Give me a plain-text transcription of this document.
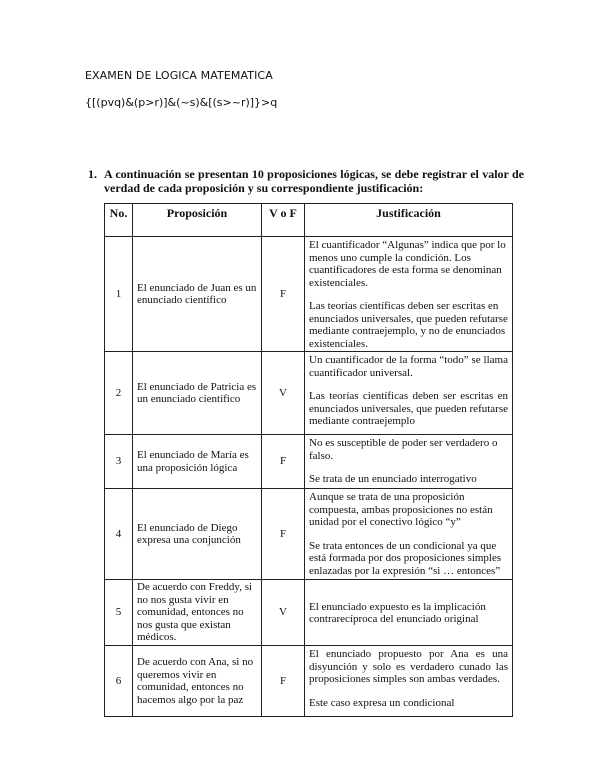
EXAMEN DE LOGICA MATEMATICA
{[(pvq)&(p>r)]&(~s)&[(s>~r)]}>q
1. A continuación se presentan 10 proposiciones lógicas, se debe registrar el valor de verdad de cada proposición y su correspondiente justificación:
No.	Proposición	V o F	Justificación
1	El enunciado de Juan es un enunciado científico	F	El cuantificador “Algunas” indica que por lo menos uno cumple la condición. Los cuantificadores de esta forma se denominan existenciales.

Las teorías científicas deben ser escritas en enunciados universales, que pueden refutarse mediante contraejemplo, y no de enunciados existenciales.

2	El enunciado de Patricia es un enunciado científico	V	Un cuantificador de la forma “todo” se llama cuantificador universal.

Las teorías científicas deben ser escritas en enunciados universales, que pueden refutarse mediante contraejemplo

3	El enunciado de María es una proposición lógica	F	No es susceptible de poder ser verdadero o falso.

Se trata de un enunciado interrogativo

4	El enunciado de Diego expresa una conjunción	F	Aunque se trata de una proposición compuesta, ambas proposiciones no están unidad por el conectivo lógico “y”

Se trata entonces de un condicional ya que está formada por dos proposiciones simples enlazadas por la expresión “si … entonces”

5	De acuerdo con Freddy, si no nos gusta vivir en comunidad, entonces no nos gusta que existan médicos.	V	El enunciado expuesto es la implicación contrarecíproca del enunciado original

6	De acuerdo con Ana, si no queremos vivir en comunidad, entonces no hacemos algo por la paz	F	El enunciado propuesto por Ana es una disyunción y solo es verdadero cunado las proposiciones simples son ambas verdades.

Este caso expresa un condicional
